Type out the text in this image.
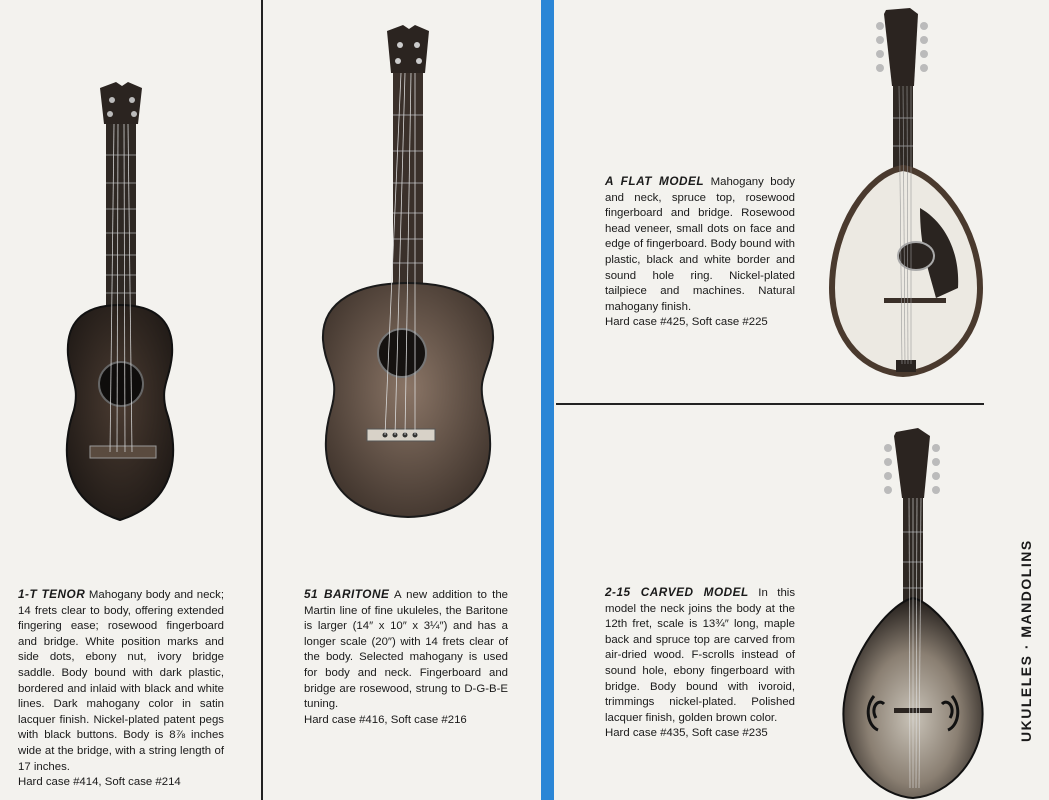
1-T TENOR Mahogany body and neck; 14 frets clear to body, offering extended fingering ease; rosewood fingerboard and bridge. White position marks and side dots, ebony nut, ivory bridge saddle. Body bound with dark plastic, bordered and inlaid with black and white lines. Dark mahogany color in satin lacquer finish. Nickel-plated patent pegs with black buttons. Body is 8⅞ inches wide at the bridge, with a string length of 17 inches.
Hard case #414, Soft case #214
51 BARITONE A new addition to the Martin line of fine ukuleles, the Baritone is larger (14″ x 10″ x 3¼″) and has a longer scale (20″) with 14 frets clear of the body. Selected mahogany is used for body and neck. Fingerboard and bridge are rosewood, strung to D-G-B-E tuning.
Hard case #416, Soft case #216
A FLAT MODEL Mahogany body and neck, spruce top, rosewood fingerboard and bridge. Rosewood head veneer, small dots on face and edge of fingerboard. Body bound with plastic, black and white border and sound hole ring. Nickel-plated tailpiece and machines. Natural mahogany finish.
Hard case #425, Soft case #225
2-15 CARVED MODEL In this model the neck joins the body at the 12th fret, scale is 13¾″ long, maple back and spruce top are carved from air-dried wood. F-scrolls instead of sound hole, ebony fingerboard with bridge. Body bound with ivoroid, trimmings nickel-plated. Polished lacquer finish, golden brown color.
Hard case #435, Soft case #235	UKULELES · MANDOLINS
